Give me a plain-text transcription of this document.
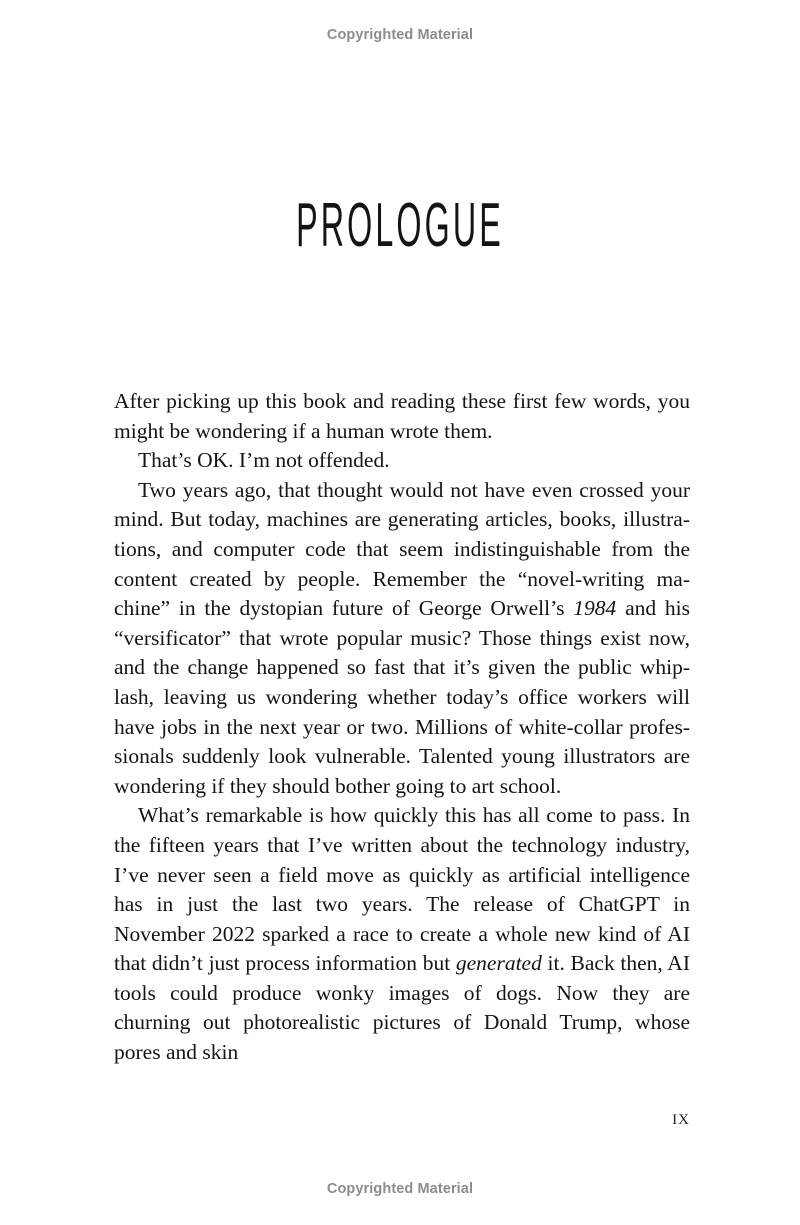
Copyrighted Material
PROLOGUE

After picking up this book and reading these first few words, you might be wondering if a human wrote them.

That’s OK. I’m not offended.

Two years ago, that thought would not have even crossed your mind. But today, machines are generating articles, books, illustrations, and computer code that seem indistinguishable from the content created by people. Remember the “novel-writing machine” in the dystopian future of George Orwell’s 1984 and his “versificator” that wrote popular music? Those things exist now, and the change happened so fast that it’s given the public whiplash, leaving us wondering whether today’s office workers will have jobs in the next year or two. Millions of white-collar professionals suddenly look vulnerable. Talented young illustrators are wondering if they should bother going to art school.

What’s remarkable is how quickly this has all come to pass. In the fifteen years that I’ve written about the technology industry, I’ve never seen a field move as quickly as artificial intelligence has in just the last two years. The release of ChatGPT in November 2022 sparked a race to create a whole new kind of AI that didn’t just process information but generated it. Back then, AI tools could produce wonky images of dogs. Now they are churning out photorealistic pictures of Donald Trump, whose pores and skin

IX
Copyrighted Material
